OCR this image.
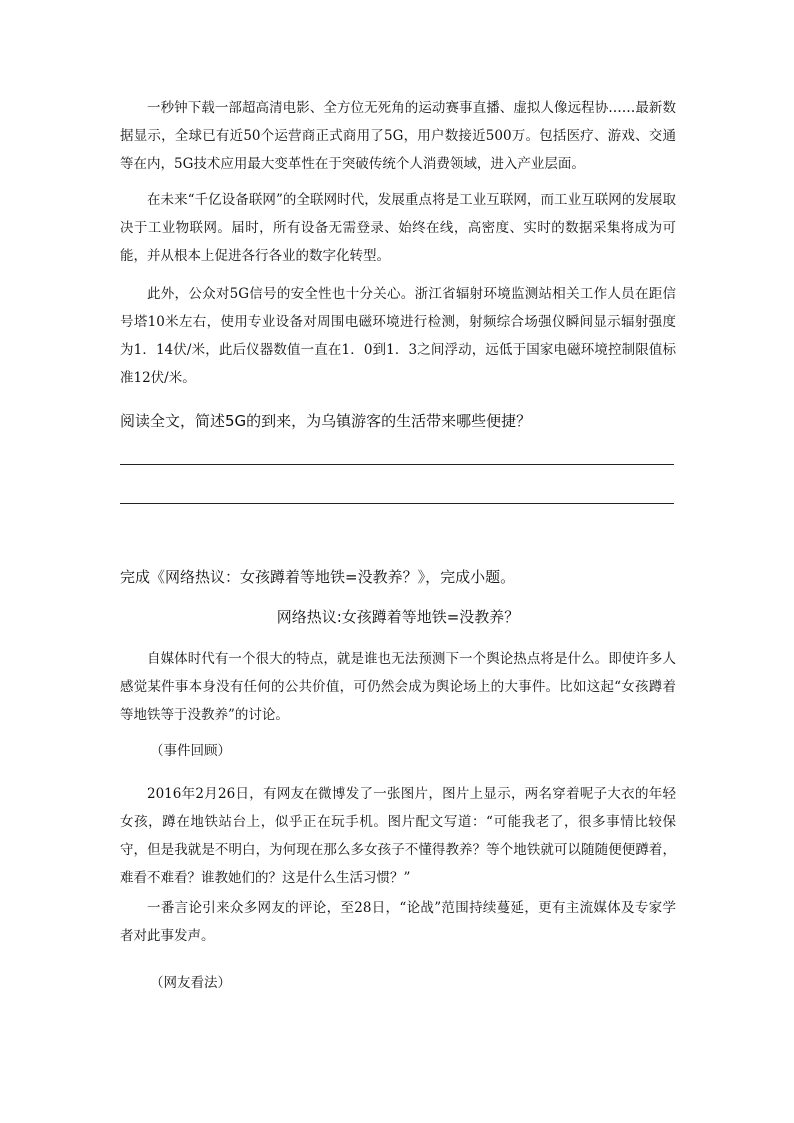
一秒钟下载一部超高清电影、全方位无死角的运动赛事直播、虚拟人像远程协……最新数据显示，全球已有近50个运营商正式商用了5G，用户数接近500万。包括医疗、游戏、交通等在内，5G技术应用最大变革性在于突破传统个人消费领域，进入产业层面。

在未来“千亿设备联网”的全联网时代，发展重点将是工业互联网，而工业互联网的发展取决于工业物联网。届时，所有设备无需登录、始终在线，高密度、实时的数据采集将成为可能，并从根本上促进各行各业的数字化转型。

此外，公众对5G信号的安全性也十分关心。浙江省辐射环境监测站相关工作人员在距信号塔10米左右，使用专业设备对周围电磁环境进行检测，射频综合场强仪瞬间显示辐射强度为1．14伏/米，此后仪器数值一直在1．0到1．3之间浮动，远低于国家电磁环境控制限值标准12伏/米。

阅读全文，简述5G的到来，为乌镇游客的生活带来哪些便捷？

完成《网络热议：女孩蹲着等地铁=没教养？》，完成小题。

网络热议:女孩蹲着等地铁=没教养？

自媒体时代有一个很大的特点，就是谁也无法预测下一个舆论热点将是什么。即使许多人感觉某件事本身没有任何的公共价值，可仍然会成为舆论场上的大事件。比如这起“女孩蹲着等地铁等于没教养”的讨论。

（事件回顾）

2016年2月26日，有网友在微博发了一张图片，图片上显示，两名穿着呢子大衣的年轻女孩，蹲在地铁站台上，似乎正在玩手机。图片配文写道：“可能我老了，很多事情比较保守，但是我就是不明白，为何现在那么多女孩子不懂得教养？等个地铁就可以随随便便蹲着，难看不难看？谁教她们的？这是什么生活习惯？”

一番言论引来众多网友的评论，至28日，“论战”范围持续蔓延，更有主流媒体及专家学者对此事发声。

（网友看法）
